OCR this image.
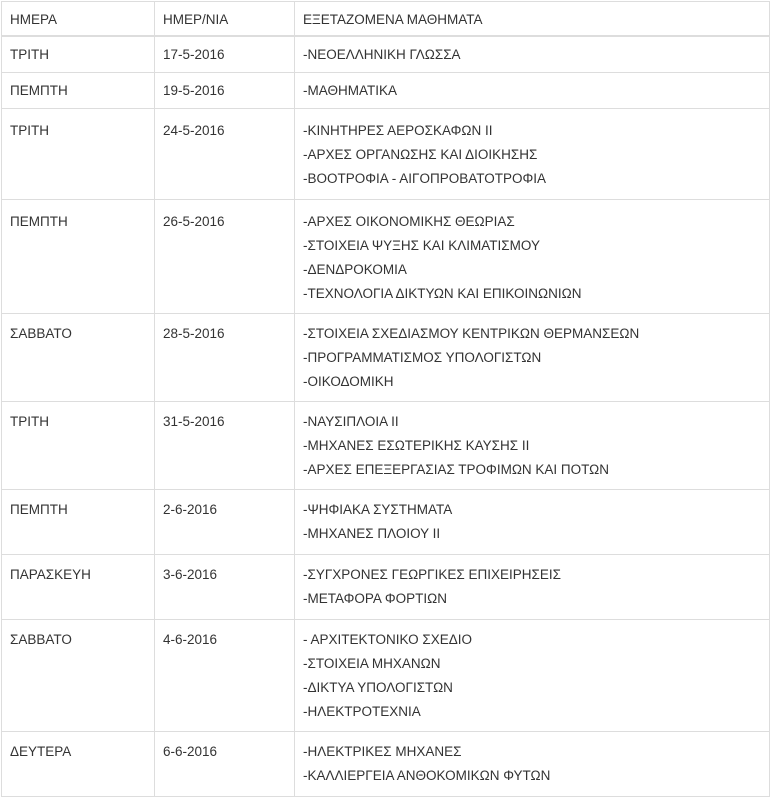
ΗΜΕΡΑ	ΗΜΕΡ/ΝΙΑ	ΕΞΕΤΑΖΟΜΕΝΑ ΜΑΘΗΜΑΤΑ
ΤΡΙΤΗ	17-5-2016	-ΝΕΟΕΛΛΗΝΙΚΗ ΓΛΩΣΣΑ

ΠΕΜΠΤΗ	19-5-2016	-ΜΑΘΗΜΑΤΙΚΑ

ΤΡΙΤΗ	24-5-2016	-ΚΙΝΗΤΗΡΕΣ ΑΕΡΟΣΚΑΦΩΝ ΙΙ
-ΑΡΧΕΣ ΟΡΓΑΝΩΣΗΣ ΚΑΙ ΔΙΟΙΚΗΣΗΣ
-ΒΟΟΤΡΟΦΙΑ - ΑΙΓΟΠΡΟΒΑΤΟΤΡΟΦΙΑ

ΠΕΜΠΤΗ	26-5-2016	-ΑΡΧΕΣ ΟΙΚΟΝΟΜΙΚΗΣ ΘΕΩΡΙΑΣ
-ΣΤΟΙΧΕΙΑ ΨΥΞΗΣ ΚΑΙ ΚΛΙΜΑΤΙΣΜΟΥ
-ΔΕΝΔΡΟΚΟΜΙΑ
-ΤΕΧΝΟΛΟΓΙΑ ΔΙΚΤΥΩΝ ΚΑΙ ΕΠΙΚΟΙΝΩΝΙΩΝ

ΣΑΒΒΑΤΟ	28-5-2016	-ΣΤΟΙΧΕΙΑ ΣΧΕΔΙΑΣΜΟΥ ΚΕΝΤΡΙΚΩΝ ΘΕΡΜΑΝΣΕΩΝ
-ΠΡΟΓΡΑΜΜΑΤΙΣΜΟΣ ΥΠΟΛΟΓΙΣΤΩΝ
-ΟΙΚΟΔΟΜΙΚΗ

ΤΡΙΤΗ	31-5-2016	-ΝΑΥΣΙΠΛΟΙΑ ΙΙ
-ΜΗΧΑΝΕΣ ΕΣΩΤΕΡΙΚΗΣ ΚΑΥΣΗΣ ΙΙ
-ΑΡΧΕΣ ΕΠΕΞΕΡΓΑΣΙΑΣ ΤΡΟΦΙΜΩΝ ΚΑΙ ΠΟΤΩΝ

ΠΕΜΠΤΗ	2-6-2016	-ΨΗΦΙΑΚΑ ΣΥΣΤΗΜΑΤΑ
-ΜΗΧΑΝΕΣ ΠΛΟΙΟΥ ΙΙ

ΠΑΡΑΣΚΕΥΗ	3-6-2016	-ΣΥΓΧΡΟΝΕΣ ΓΕΩΡΓΙΚΕΣ ΕΠΙΧΕΙΡΗΣΕΙΣ
-ΜΕΤΑΦΟΡΑ ΦΟΡΤΙΩΝ

ΣΑΒΒΑΤΟ	4-6-2016	- ΑΡΧΙΤΕΚΤΟΝΙΚΟ ΣΧΕΔΙΟ
-ΣΤΟΙΧΕΙΑ ΜΗΧΑΝΩΝ
-ΔΙΚΤΥΑ ΥΠΟΛΟΓΙΣΤΩΝ
-ΗΛΕΚΤΡΟΤΕΧΝΙΑ

ΔΕΥΤΕΡΑ	6-6-2016	-ΗΛΕΚΤΡΙΚΕΣ ΜΗΧΑΝΕΣ
-ΚΑΛΛΙΕΡΓΕΙΑ ΑΝΘΟΚΟΜΙΚΩΝ ΦΥΤΩΝ
